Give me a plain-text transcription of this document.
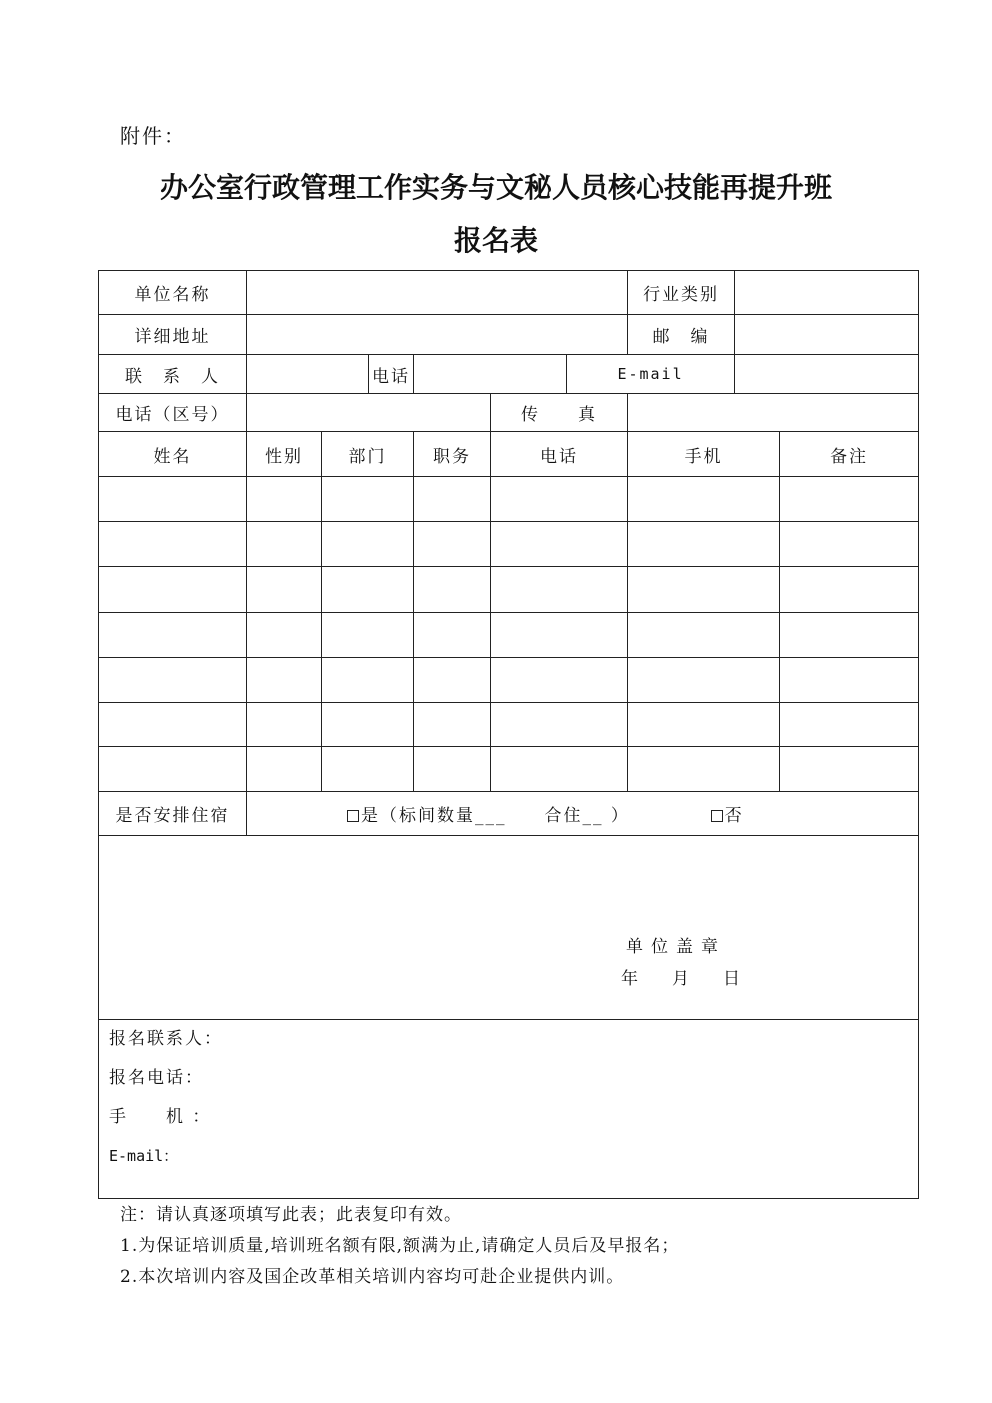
附件：
办公室行政管理工作实务与文秘人员核心技能再提升班
报名表
单位名称							行业类别		
详细地址							邮　编		
联　系　人			电话			E-mail			
电话（区号）					传　　真				
姓名	性别	部门		职务	电话		手机		备注

是否安排住宿	是（标间数量___　　合住__ ） 否								

单位盖章
年 月 日									

报名联系人：
报名电话：
手　　机 ：
E-mail：									
注：请认真逐项填写此表；此表复印有效。
1.为保证培训质量,培训班名额有限,额满为止,请确定人员后及早报名；
2.本次培训内容及国企改革相关培训内容均可赴企业提供内训。
